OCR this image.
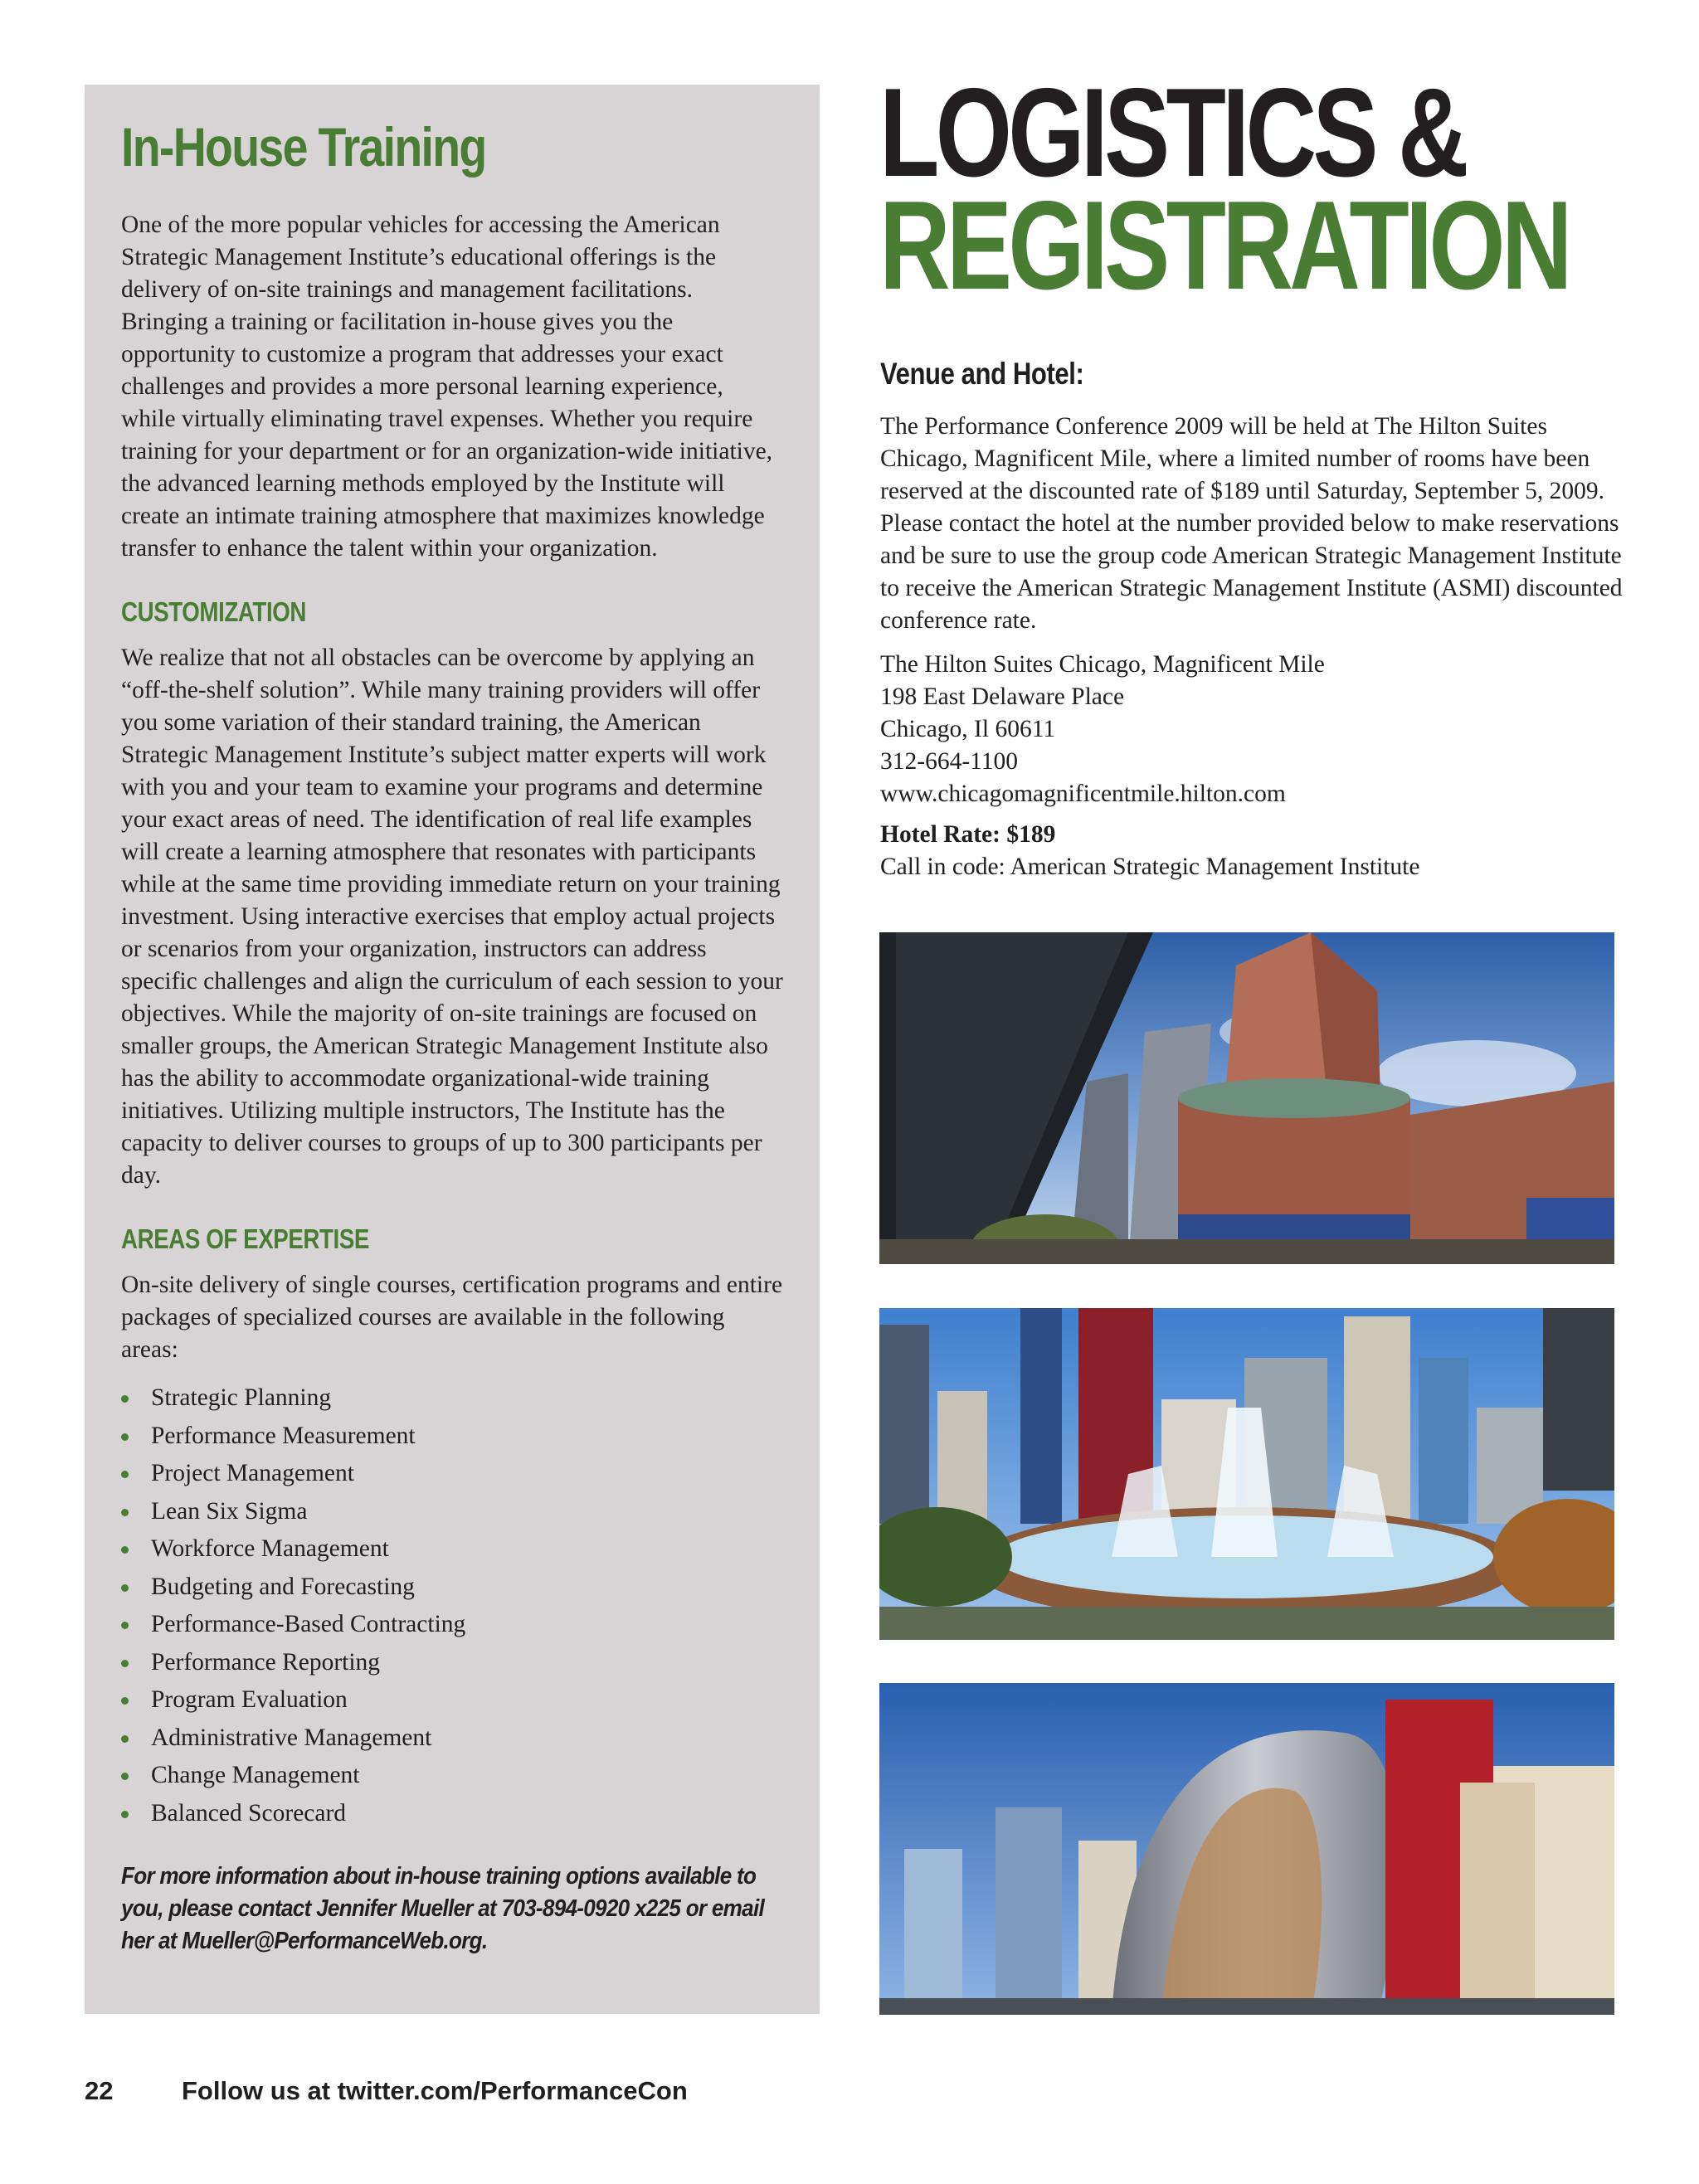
In-House Training

One of the more popular vehicles for accessing the American Strategic Management Institute’s educational offerings is the delivery of on-site trainings and management facilitations. Bringing a training or facilitation in-house gives you the opportunity to customize a program that addresses your exact challenges and provides a more personal learning experience, while virtually eliminating travel expenses. Whether you require training for your department or for an organization-wide initiative, the advanced learning methods employed by the Institute will create an intimate training atmosphere that maximizes knowledge transfer to enhance the talent within your organization.

CUSTOMIZATION

We realize that not all obstacles can be overcome by applying an “off-the-shelf solution”. While many training providers will offer you some variation of their standard training, the American Strategic Management Institute’s subject matter experts will work with you and your team to examine your programs and determine your exact areas of need. The identification of real life examples will create a learning atmosphere that resonates with participants while at the same time providing immediate return on your training investment. Using interactive exercises that employ actual projects or scenarios from your organization, instructors can address specific challenges and align the curriculum of each session to your objectives. While the majority of on-site trainings are focused on smaller groups, the American Strategic Management Institute also has the ability to accommodate organizational-wide training initiatives. Utilizing multiple instructors, The Institute has the capacity to deliver courses to groups of up to 300 participants per day.

AREAS OF EXPERTISE

On-site delivery of single courses, certification programs and entire packages of specialized courses are available in the following areas:

Strategic Planning
Performance Measurement
Project Management
Lean Six Sigma
Workforce Management
Budgeting and Forecasting
Performance-Based Contracting
Performance Reporting
Program Evaluation
Administrative Management
Change Management
Balanced Scorecard
For more information about in-house training options available to you, please contact Jennifer Mueller at 703-894-0920 x225 or email her at Mueller@PerformanceWeb.org.
LOGISTICS &
REGISTRATION
Venue and Hotel:

The Performance Conference 2009 will be held at The Hilton Suites Chicago, Magnificent Mile, where a limited number of rooms have been reserved at the discounted rate of $189 until Saturday, September 5, 2009. Please contact the hotel at the number provided below to make reservations and be sure to use the group code American Strategic Management Institute to receive the American Strategic Management Institute (ASMI) discounted conference rate.

The Hilton Suites Chicago, Magnificent Mile
198 East Delaware Place
Chicago, Il 60611
312-664-1100
www.chicagomagnificentmile.hilton.com
Hotel Rate: $189
Call in code: American Strategic Management Institute
22	Follow us at twitter.com/PerformanceCon
